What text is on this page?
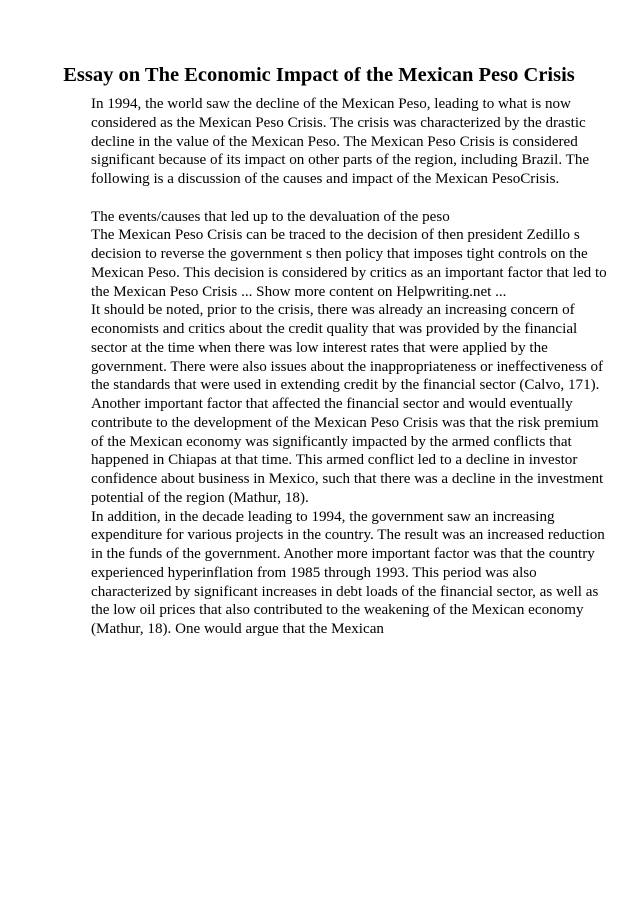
Essay on The Economic Impact of the Mexican Peso Crisis
In 1994, the world saw the decline of the Mexican Peso, leading to what is now
considered as the Mexican Peso Crisis. The crisis was characterized by the drastic
decline in the value of the Mexican Peso. The Mexican Peso Crisis is considered
significant because of its impact on other parts of the region, including Brazil. The
following is a discussion of the causes and impact of the Mexican PesoCrisis.
The events/causes that led up to the devaluation of the peso
The Mexican Peso Crisis can be traced to the decision of then president Zedillo s
decision to reverse the government s then policy that imposes tight controls on the
Mexican Peso. This decision is considered by critics as an important factor that led to
the Mexican Peso Crisis ... Show more content on Helpwriting.net ...
It should be noted, prior to the crisis, there was already an increasing concern of
economists and critics about the credit quality that was provided by the financial
sector at the time when there was low interest rates that were applied by the
government. There were also issues about the inappropriateness or ineffectiveness of
the standards that were used in extending credit by the financial sector (Calvo, 171).
Another important factor that affected the financial sector and would eventually
contribute to the development of the Mexican Peso Crisis was that the risk premium
of the Mexican economy was significantly impacted by the armed conflicts that
happened in Chiapas at that time. This armed conflict led to a decline in investor
confidence about business in Mexico, such that there was a decline in the investment
potential of the region (Mathur, 18).
In addition, in the decade leading to 1994, the government saw an increasing
expenditure for various projects in the country. The result was an increased reduction
in the funds of the government. Another more important factor was that the country
experienced hyperinflation from 1985 through 1993. This period was also
characterized by significant increases in debt loads of the financial sector, as well as
the low oil prices that also contributed to the weakening of the Mexican economy
(Mathur, 18). One would argue that the Mexican
